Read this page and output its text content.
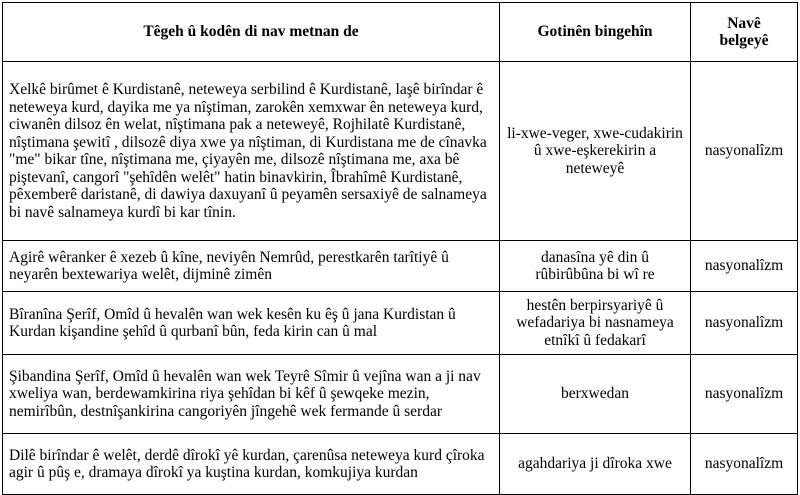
Têgeh û kodên di nav metnan de	Gotinên bingehîn	Navê
belgeyê
Xelkê birûmet ê Kurdistanê, neteweya serbilind ê Kurdistanê, laşê birîndar ê neteweya kurd, dayika me ya nîştiman, zarokên xemxwar ên neteweya kurd, ciwanên dilsoz ên welat, nîştimana pak a neteweyê, Rojhilatê Kurdistanê, nîştimana şewitî , dilsozê diya xwe ya nîştiman, di Kurdistana me de cînavka "me" bikar tîne, nîştimana me, çiyayên me, dilsozê nîştimana me, axa bê piştevanî, cangorî "şehîdên welêt" hatin binavkirin, Îbrahîmê Kurdistanê, pêxemberê daristanê, di dawiya daxuyanî û peyamên sersaxiyê de salnameya bi navê salnameya kurdî bi kar tînin.	li-xwe-veger, xwe-cudakirin û xwe-eşkerekirin a neteweyê	nasyonalîzm
Agirê wêranker ê xezeb û kîne, neviyên Nemrûd, perestkarên tarîtiyê û neyarên bextewariya welêt, dijminê zimên	danasîna yê din û rûbirûbûna bi wî re	nasyonalîzm
Bîranîna Şerîf, Omîd û hevalên wan wek kesên ku êş û jana Kurdistan û Kurdan kişandine şehîd û qurbanî bûn, feda kirin can û mal	hestên berpirsyariyê û wefadariya bi nasnameya etnîkî û fedakarî	nasyonalîzm
Şibandina Şerîf, Omîd û hevalên wan wek Teyrê Sîmir û vejîna wan a ji nav xweliya wan, berdewamkirina riya şehîdan bi kêf û şewqeke mezin, nemirîbûn, destnîşankirina cangoriyên jîngehê wek fermande û serdar	berxwedan	nasyonalîzm
Dilê birîndar ê welêt, derdê dîrokî yê kurdan, çarenûsa neteweya kurd çîroka agir û pûş e, dramaya dîrokî ya kuştina kurdan, komkujiya kurdan	agahdariya ji dîroka xwe	nasyonalîzm
